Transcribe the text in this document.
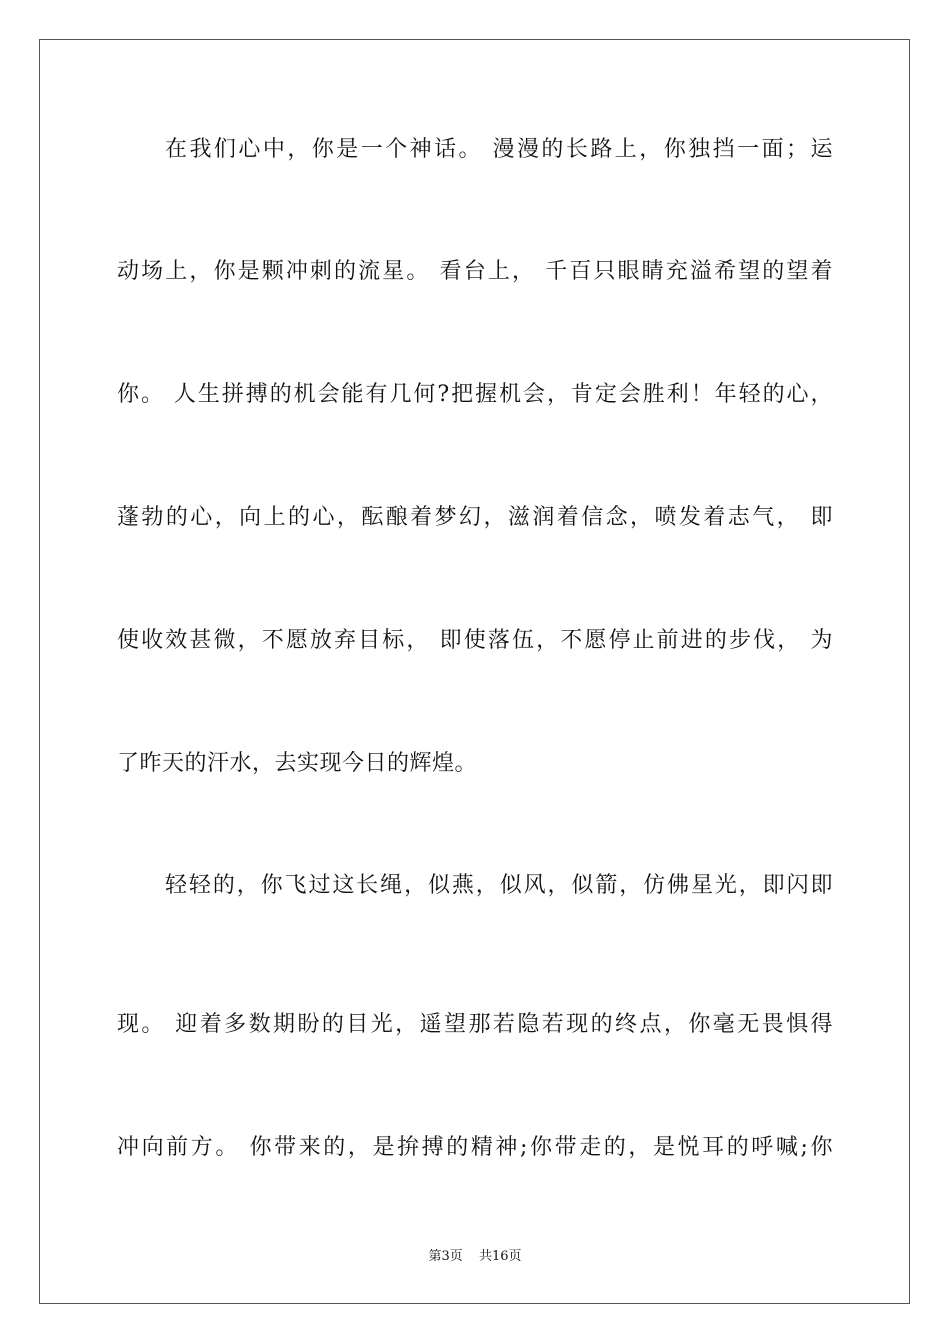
在我们心中，你是一个神话。 漫漫的长路上，你独挡一面；运
动场上，你是颗冲刺的流星。 看台上， 千百只眼睛充溢希望的望着
你。 人生拼搏的机会能有几何?把握机会，肯定会胜利！年轻的心，
蓬勃的心，向上的心，酝酿着梦幻，滋润着信念，喷发着志气， 即
使收效甚微，不愿放弃目标， 即使落伍，不愿停止前进的步伐， 为
了昨天的汗水，去实现今日的辉煌。
轻轻的，你飞过这长绳，似燕，似风，似箭，仿佛星光，即闪即
现。 迎着多数期盼的目光，遥望那若隐若现的终点，你毫无畏惧得
冲向前方。 你带来的，是拚搏的精神;你带走的，是悦耳的呼喊;你
第3页 共16页
